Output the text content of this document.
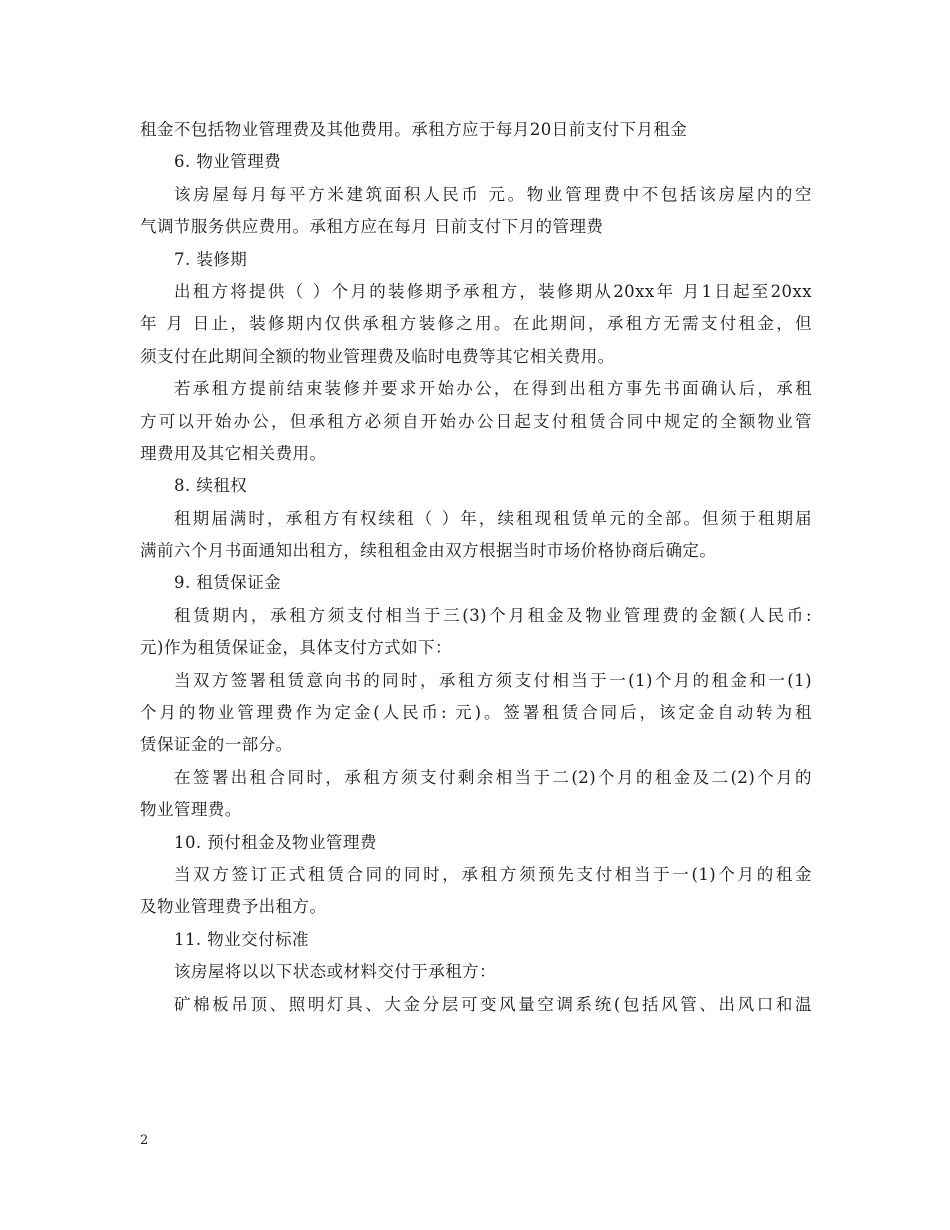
租金不包括物业管理费及其他费用。承租方应于每月20日前支付下月租金
6. 物业管理费
该房屋每月每平方米建筑面积人民币 元。物业管理费中不包括该房屋内的空
气调节服务供应费用。承租方应在每月 日前支付下月的管理费
7. 装修期
出租方将提供（ ）个月的装修期予承租方，装修期从20xx年 月1日起至20xx
年 月 日止，装修期内仅供承租方装修之用。在此期间，承租方无需支付租金，但
须支付在此期间全额的物业管理费及临时电费等其它相关费用。
若承租方提前结束装修并要求开始办公，在得到出租方事先书面确认后，承租
方可以开始办公，但承租方必须自开始办公日起支付租赁合同中规定的全额物业管
理费用及其它相关费用。
8. 续租权
租期届满时，承租方有权续租（ ）年，续租现租赁单元的全部。但须于租期届
满前六个月书面通知出租方，续租租金由双方根据当时市场价格协商后确定。
9. 租赁保证金
租赁期内，承租方须支付相当于三(3)个月租金及物业管理费的金额(人民币:
元)作为租赁保证金，具体支付方式如下：
当双方签署租赁意向书的同时，承租方须支付相当于一(1)个月的租金和一(1)
个月的物业管理费作为定金(人民币: 元)。签署租赁合同后，该定金自动转为租
赁保证金的一部分。
在签署出租合同时，承租方须支付剩余相当于二(2)个月的租金及二(2)个月的
物业管理费。
10. 预付租金及物业管理费
当双方签订正式租赁合同的同时，承租方须预先支付相当于一(1)个月的租金
及物业管理费予出租方。
11. 物业交付标准
该房屋将以以下状态或材料交付于承租方：
矿棉板吊顶、照明灯具、大金分层可变风量空调系统(包括风管、出风口和温
2
